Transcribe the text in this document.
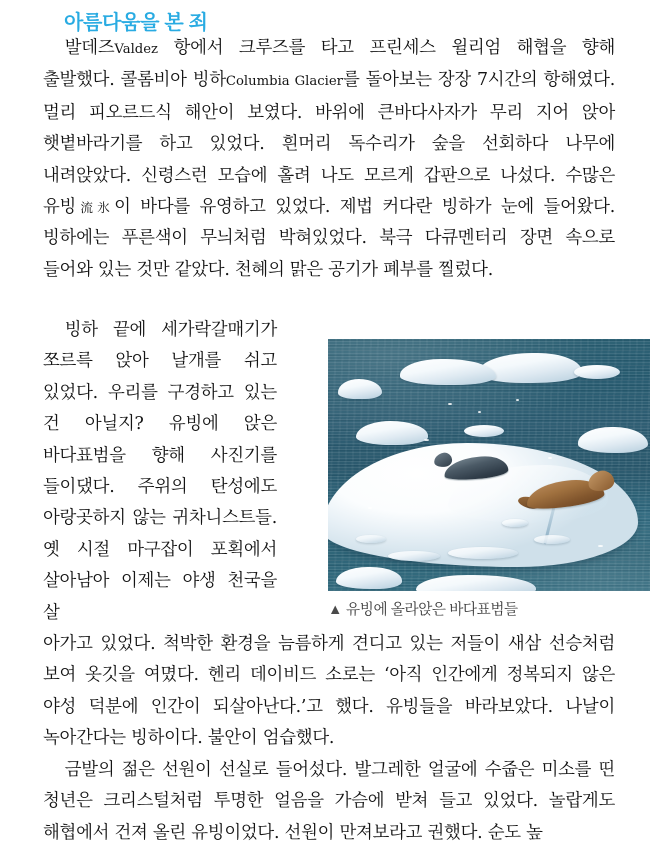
아름다움을 본 죄
발데즈Valdez 항에서 크루즈를 타고 프린세스 윌리엄 해협을 향해 출발했다. 콜롬비아 빙하Columbia Glacier를 돌아보는 장장 7시간의 항해였다. 멀리 피오르드식 해안이 보였다. 바위에 큰바다사자가 무리 지어 앉아 햇볕바라기를 하고 있었다. 흰머리 독수리가 숲을 선회하다 나무에 내려앉았다. 신령스런 모습에 홀려 나도 모르게 갑판으로 나섰다. 수많은 유빙流氷이 바다를 유영하고 있었다. 제법 커다란 빙하가 눈에 들어왔다. 빙하에는 푸른색이 무늬처럼 박혀있었다. 북극 다큐멘터리 장면 속으로 들어와 있는 것만 같았다. 천혜의 맑은 공기가 폐부를 찔렀다.
빙하 끝에 세가락갈매기가 쪼르륵 앉아 날개를 쉬고 있었다. 우리를 구경하고 있는 건 아닐지? 유빙에 앉은 바다표범을 향해 사진기를 들이댔다. 주위의 탄성에도 아랑곳하지 않는 귀차니스트들. 옛 시절 마구잡이 포획에서 살아남아 이제는 야생 천국을 살	▲ 유빙에 올라앉은 바다표범들
아가고 있었다. 척박한 환경을 늠름하게 견디고 있는 저들이 새삼 선승처럼 보여 옷깃을 여몄다. 헨리 데이비드 소로는 ‘아직 인간에게 정복되지 않은 야성 덕분에 인간이 되살아난다.’고 했다. 유빙들을 바라보았다. 나날이 녹아간다는 빙하이다. 불안이 엄습했다.
금발의 젊은 선원이 선실로 들어섰다. 발그레한 얼굴에 수줍은 미소를 띤 청년은 크리스털처럼 투명한 얼음을 가슴에 받쳐 들고 있었다. 놀랍게도 해협에서 건져 올린 유빙이었다. 선원이 만져보라고 권했다. 순도 높
